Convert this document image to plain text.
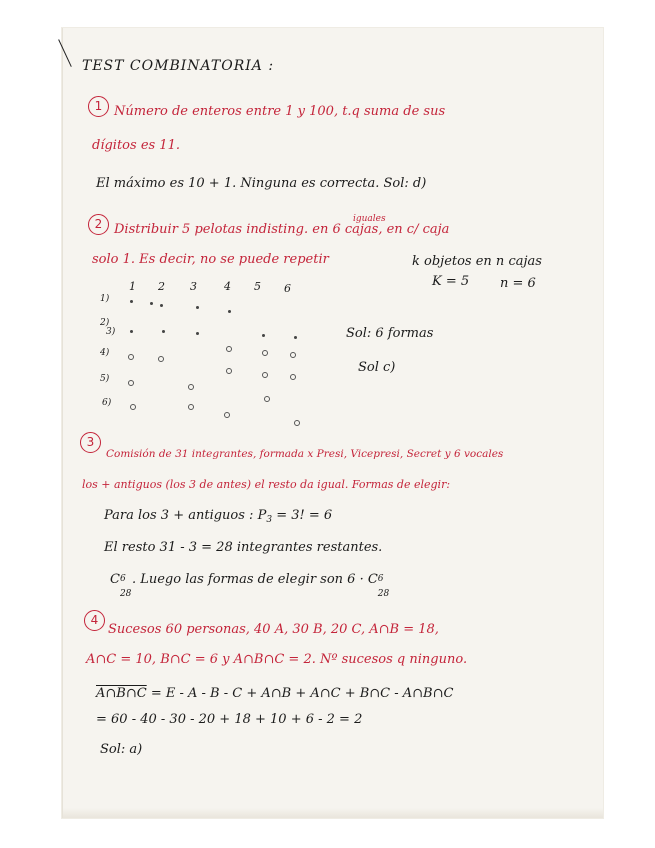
TEST COMBINATORIA :
1 Número de enteros entre 1 y 100, t.q suma de sus
dígitos es 11.
El máximo es 10 + 1. Ninguna es correcta. Sol: d)
iguales
2 Distribuir 5 pelotas indisting. en 6 cajas, en c/ caja
solo 1. Es decir, no se puede repetir	k objetos en n cajas
1 2 3 4 5 6	K = 5 n = 6
1)
2)
3)
4)
5)
6)
Sol: 6 formas
Sol c)
3
Comisión de 31 integrantes, formada x Presi, Vicepresi, Secret y 6 vocales
los + antiguos (los 3 de antes) el resto da igual. Formas de elegir:
Para los 3 + antiguos : $P_3 = 3$! = 6
El resto 31 - 3 = 28 integrantes restantes.
C 6
28
. Luego las formas de elegir son 6 · C 6
28
4
Sucesos 60 personas, 40 A, 30 B, 20 C, A∩B = 18,
A∩C = 10, B∩C = 6 y A∩B∩C = 2. Nº sucesos q ninguno.
A∩B∩C = E - A - B - C + A∩B + A∩C + B∩C - A∩B∩C
= 60 - 40 - 30 - 20 + 18 + 10 + 6 - 2 = 2
Sol: a)
